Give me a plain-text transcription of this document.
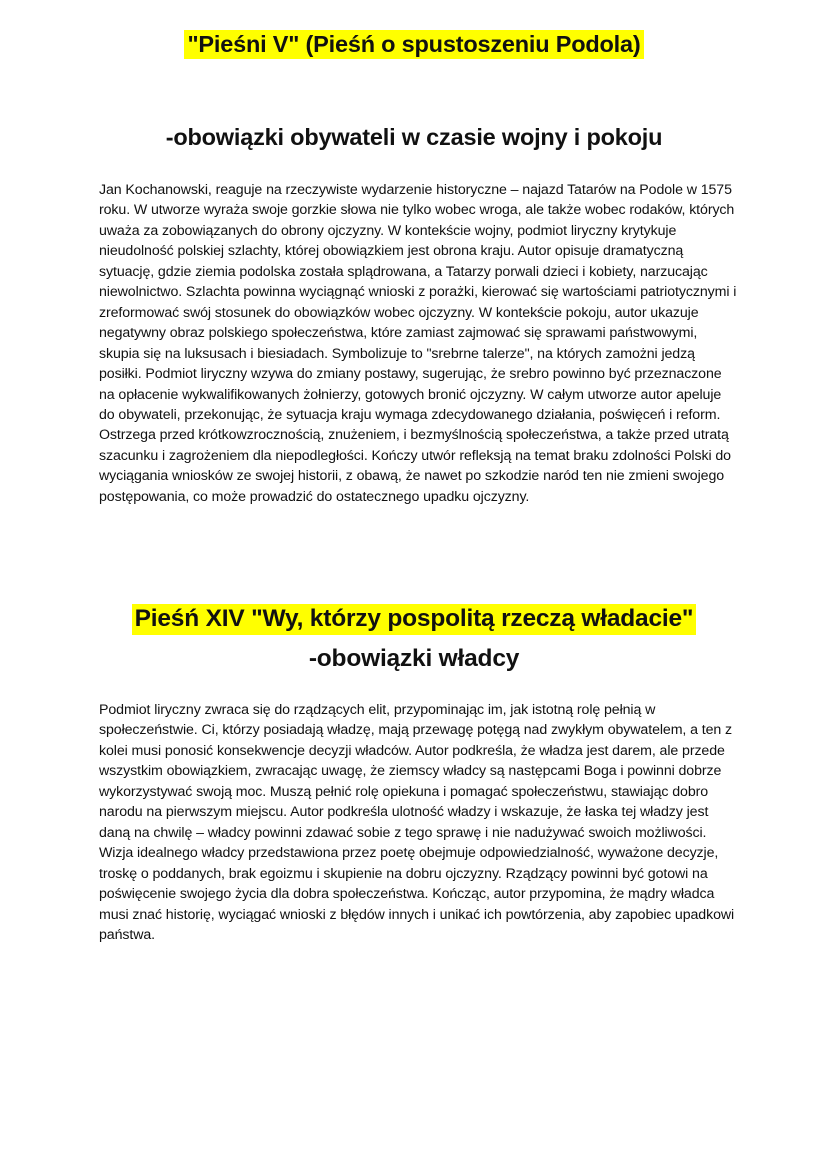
"Pieśni V" (Pieśń o spustoszeniu Podola)
-obowiązki obywateli w czasie wojny i pokoju

Jan Kochanowski, reaguje na rzeczywiste wydarzenie historyczne – najazd Tatarów na Podole w 1575 roku. W utworze wyraża swoje gorzkie słowa nie tylko wobec wroga, ale także wobec rodaków, których uważa za zobowiązanych do obrony ojczyzny. W kontekście wojny, podmiot liryczny krytykuje nieudolność polskiej szlachty, której obowiązkiem jest obrona kraju. Autor opisuje dramatyczną sytuację, gdzie ziemia podolska została splądrowana, a Tatarzy porwali dzieci i kobiety, narzucając niewolnictwo. Szlachta powinna wyciągnąć wnioski z porażki, kierować się wartościami patriotycznymi i zreformować swój stosunek do obowiązków wobec ojczyzny. W kontekście pokoju, autor ukazuje negatywny obraz polskiego społeczeństwa, które zamiast zajmować się sprawami państwowymi, skupia się na luksusach i biesiadach. Symbolizuje to "srebrne talerze", na których zamożni jedzą posiłki. Podmiot liryczny wzywa do zmiany postawy, sugerując, że srebro powinno być przeznaczone na opłacenie wykwalifikowanych żołnierzy, gotowych bronić ojczyzny. W całym utworze autor apeluje do obywateli, przekonując, że sytuacja kraju wymaga zdecydowanego działania, poświęceń i reform. Ostrzega przed krótkowzrocznością, znużeniem, i bezmyślnością społeczeństwa, a także przed utratą szacunku i zagrożeniem dla niepodległości. Kończy utwór refleksją na temat braku zdolności Polski do wyciągania wniosków ze swojej historii, z obawą, że nawet po szkodzie naród ten nie zmieni swojego postępowania, co może prowadzić do ostatecznego upadku ojczyzny.

Pieśń XIV "Wy, którzy pospolitą rzeczą władacie"
-obowiązki władcy

Podmiot liryczny zwraca się do rządzących elit, przypominając im, jak istotną rolę pełnią w społeczeństwie. Ci, którzy posiadają władzę, mają przewagę potęgą nad zwykłym obywatelem, a ten z kolei musi ponosić konsekwencje decyzji władców. Autor podkreśla, że władza jest darem, ale przede wszystkim obowiązkiem, zwracając uwagę, że ziemscy władcy są następcami Boga i powinni dobrze wykorzystywać swoją moc. Muszą pełnić rolę opiekuna i pomagać społeczeństwu, stawiając dobro narodu na pierwszym miejscu. Autor podkreśla ulotność władzy i wskazuje, że łaska tej władzy jest daną na chwilę – władcy powinni zdawać sobie z tego sprawę i nie nadużywać swoich możliwości. Wizja idealnego władcy przedstawiona przez poetę obejmuje odpowiedzialność, wyważone decyzje, troskę o poddanych, brak egoizmu i skupienie na dobru ojczyzny. Rządzący powinni być gotowi na poświęcenie swojego życia dla dobra społeczeństwa. Kończąc, autor przypomina, że mądry władca musi znać historię, wyciągać wnioski z błędów innych i unikać ich powtórzenia, aby zapobiec upadkowi państwa.
